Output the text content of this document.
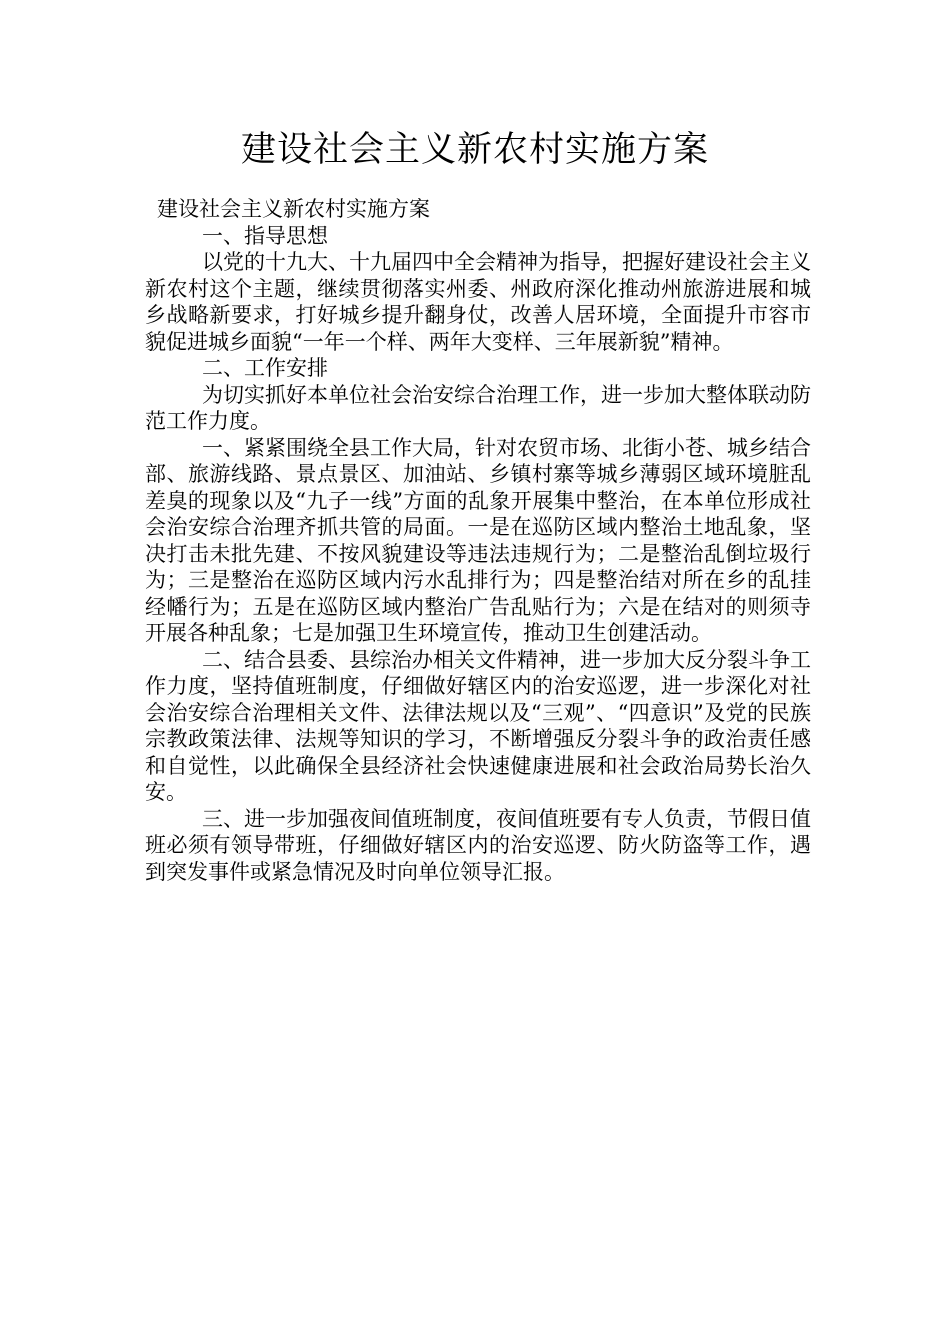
建设社会主义新农村实施方案

建设社会主义新农村实施方案

一、指导思想

以党的十九大、十九届四中全会精神为指导，把握好建设社会主义新农村这个主题，继续贯彻落实州委、州政府深化推动州旅游进展和城乡战略新要求，打好城乡提升翻身仗，改善人居环境，全面提升市容市貌促进城乡面貌“一年一个样、两年大变样、三年展新貌”精神。

二、工作安排

为切实抓好本单位社会治安综合治理工作，进一步加大整体联动防范工作力度。

一、紧紧围绕全县工作大局，针对农贸市场、北街小苍、城乡结合部、旅游线路、景点景区、加油站、乡镇村寨等城乡薄弱区域环境脏乱差臭的现象以及“九子一线”方面的乱象开展集中整治，在本单位形成社会治安综合治理齐抓共管的局面。一是在巡防区域内整治土地乱象，坚决打击未批先建、不按风貌建设等违法违规行为；二是整治乱倒垃圾行为；三是整治在巡防区域内污水乱排行为；四是整治结对所在乡的乱挂经幡行为；五是在巡防区域内整治广告乱贴行为；六是在结对的则须寺开展各种乱象；七是加强卫生环境宣传，推动卫生创建活动。

二、结合县委、县综治办相关文件精神，进一步加大反分裂斗争工作力度，坚持值班制度，仔细做好辖区内的治安巡逻，进一步深化对社会治安综合治理相关文件、法律法规以及“三观”、“四意识”及党的民族宗教政策法律、法规等知识的学习，不断增强反分裂斗争的政治责任感和自觉性，以此确保全县经济社会快速健康进展和社会政治局势长治久安。

三、进一步加强夜间值班制度，夜间值班要有专人负责，节假日值班必须有领导带班，仔细做好辖区内的治安巡逻、防火防盗等工作，遇到突发事件或紧急情况及时向单位领导汇报。
